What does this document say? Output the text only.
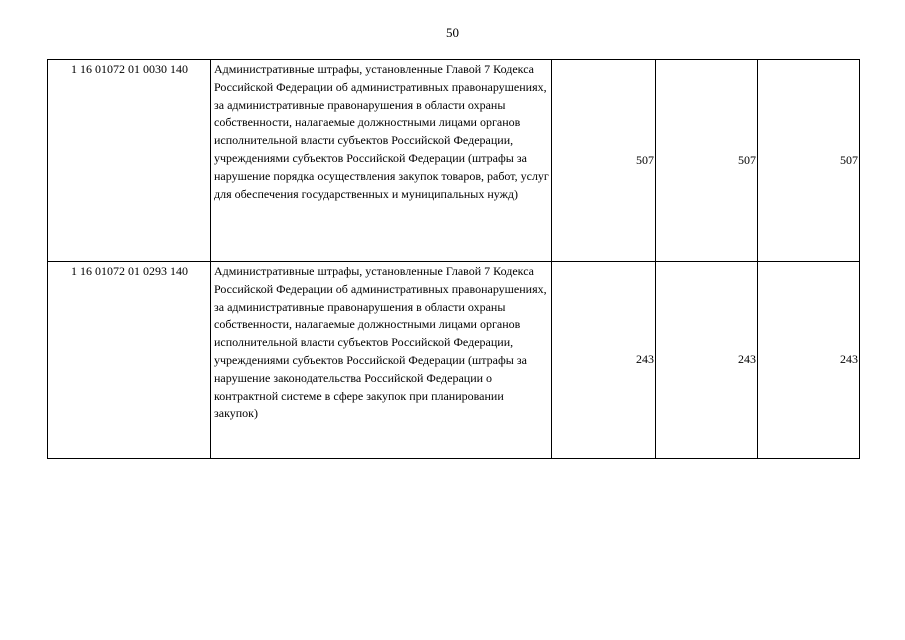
50
1 16 01072 01 0030 140	Административные штрафы, установленные Главой 7 Кодекса Российской Федерации об административных правонарушениях, за административные правонарушения в области охраны собственности, налагаемые должностными лицами органов исполнительной власти субъектов Российской Федерации, учреждениями субъектов Российской Федерации (штрафы за нарушение порядка осуществления закупок товаров, работ, услуг для обеспечения государственных и муниципальных нужд)	507	507	507
1 16 01072 01 0293 140	Административные штрафы, установленные Главой 7 Кодекса Российской Федерации об административных правонарушениях, за административные правонарушения в области охраны собственности, налагаемые должностными лицами органов исполнительной власти субъектов Российской Федерации, учреждениями субъектов Российской Федерации (штрафы за нарушение законодательства Российской Федерации о контрактной системе в сфере закупок при планировании закупок)	243	243	243
